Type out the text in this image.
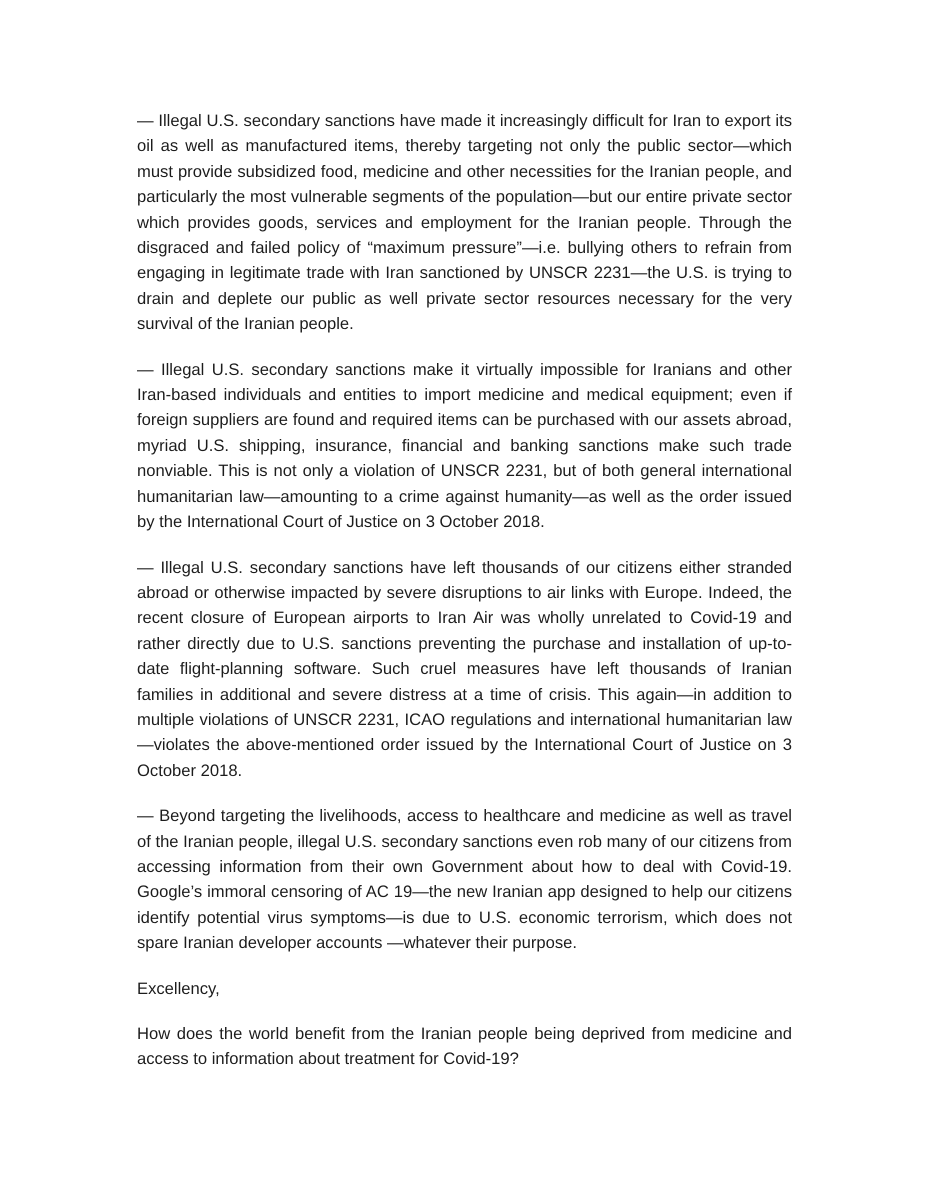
— Illegal U.S. secondary sanctions have made it increasingly difficult for Iran to export its oil as well as manufactured items, thereby targeting not only the public sector—which must provide subsidized food, medicine and other necessities for the Iranian people, and particularly the most vulnerable segments of the population—but our entire private sector which provides goods, services and employment for the Iranian people. Through the disgraced and failed policy of “maximum pressure”—i.e. bullying others to refrain from engaging in legitimate trade with Iran sanctioned by UNSCR 2231—the U.S. is trying to drain and deplete our public as well private sector resources necessary for the very survival of the Iranian people.

— Illegal U.S. secondary sanctions make it virtually impossible for Iranians and other Iran-based individuals and entities to import medicine and medical equipment; even if foreign suppliers are found and required items can be purchased with our assets abroad, myriad U.S. shipping, insurance, financial and banking sanctions make such trade nonviable. This is not only a violation of UNSCR 2231, but of both general international humanitarian law—amounting to a crime against humanity—as well as the order issued by the International Court of Justice on 3 October 2018.

— Illegal U.S. secondary sanctions have left thousands of our citizens either stranded abroad or otherwise impacted by severe disruptions to air links with Europe. Indeed, the recent closure of European airports to Iran Air was wholly unrelated to Covid-19 and rather directly due to U.S. sanctions preventing the purchase and installation of up-to-date flight-planning software. Such cruel measures have left thousands of Iranian families in additional and severe distress at a time of crisis. This again—in addition to multiple violations of UNSCR 2231, ICAO regulations and international humanitarian law—violates the above-mentioned order issued by the International Court of Justice on 3 October 2018.

— Beyond targeting the livelihoods, access to healthcare and medicine as well as travel of the Iranian people, illegal U.S. secondary sanctions even rob many of our citizens from accessing information from their own Government about how to deal with Covid-19. Google’s immoral censoring of AC 19—the new Iranian app designed to help our citizens identify potential virus symptoms—is due to U.S. economic terrorism, which does not spare Iranian developer accounts —whatever their purpose.

Excellency,

How does the world benefit from the Iranian people being deprived from medicine and access to information about treatment for Covid-19?
